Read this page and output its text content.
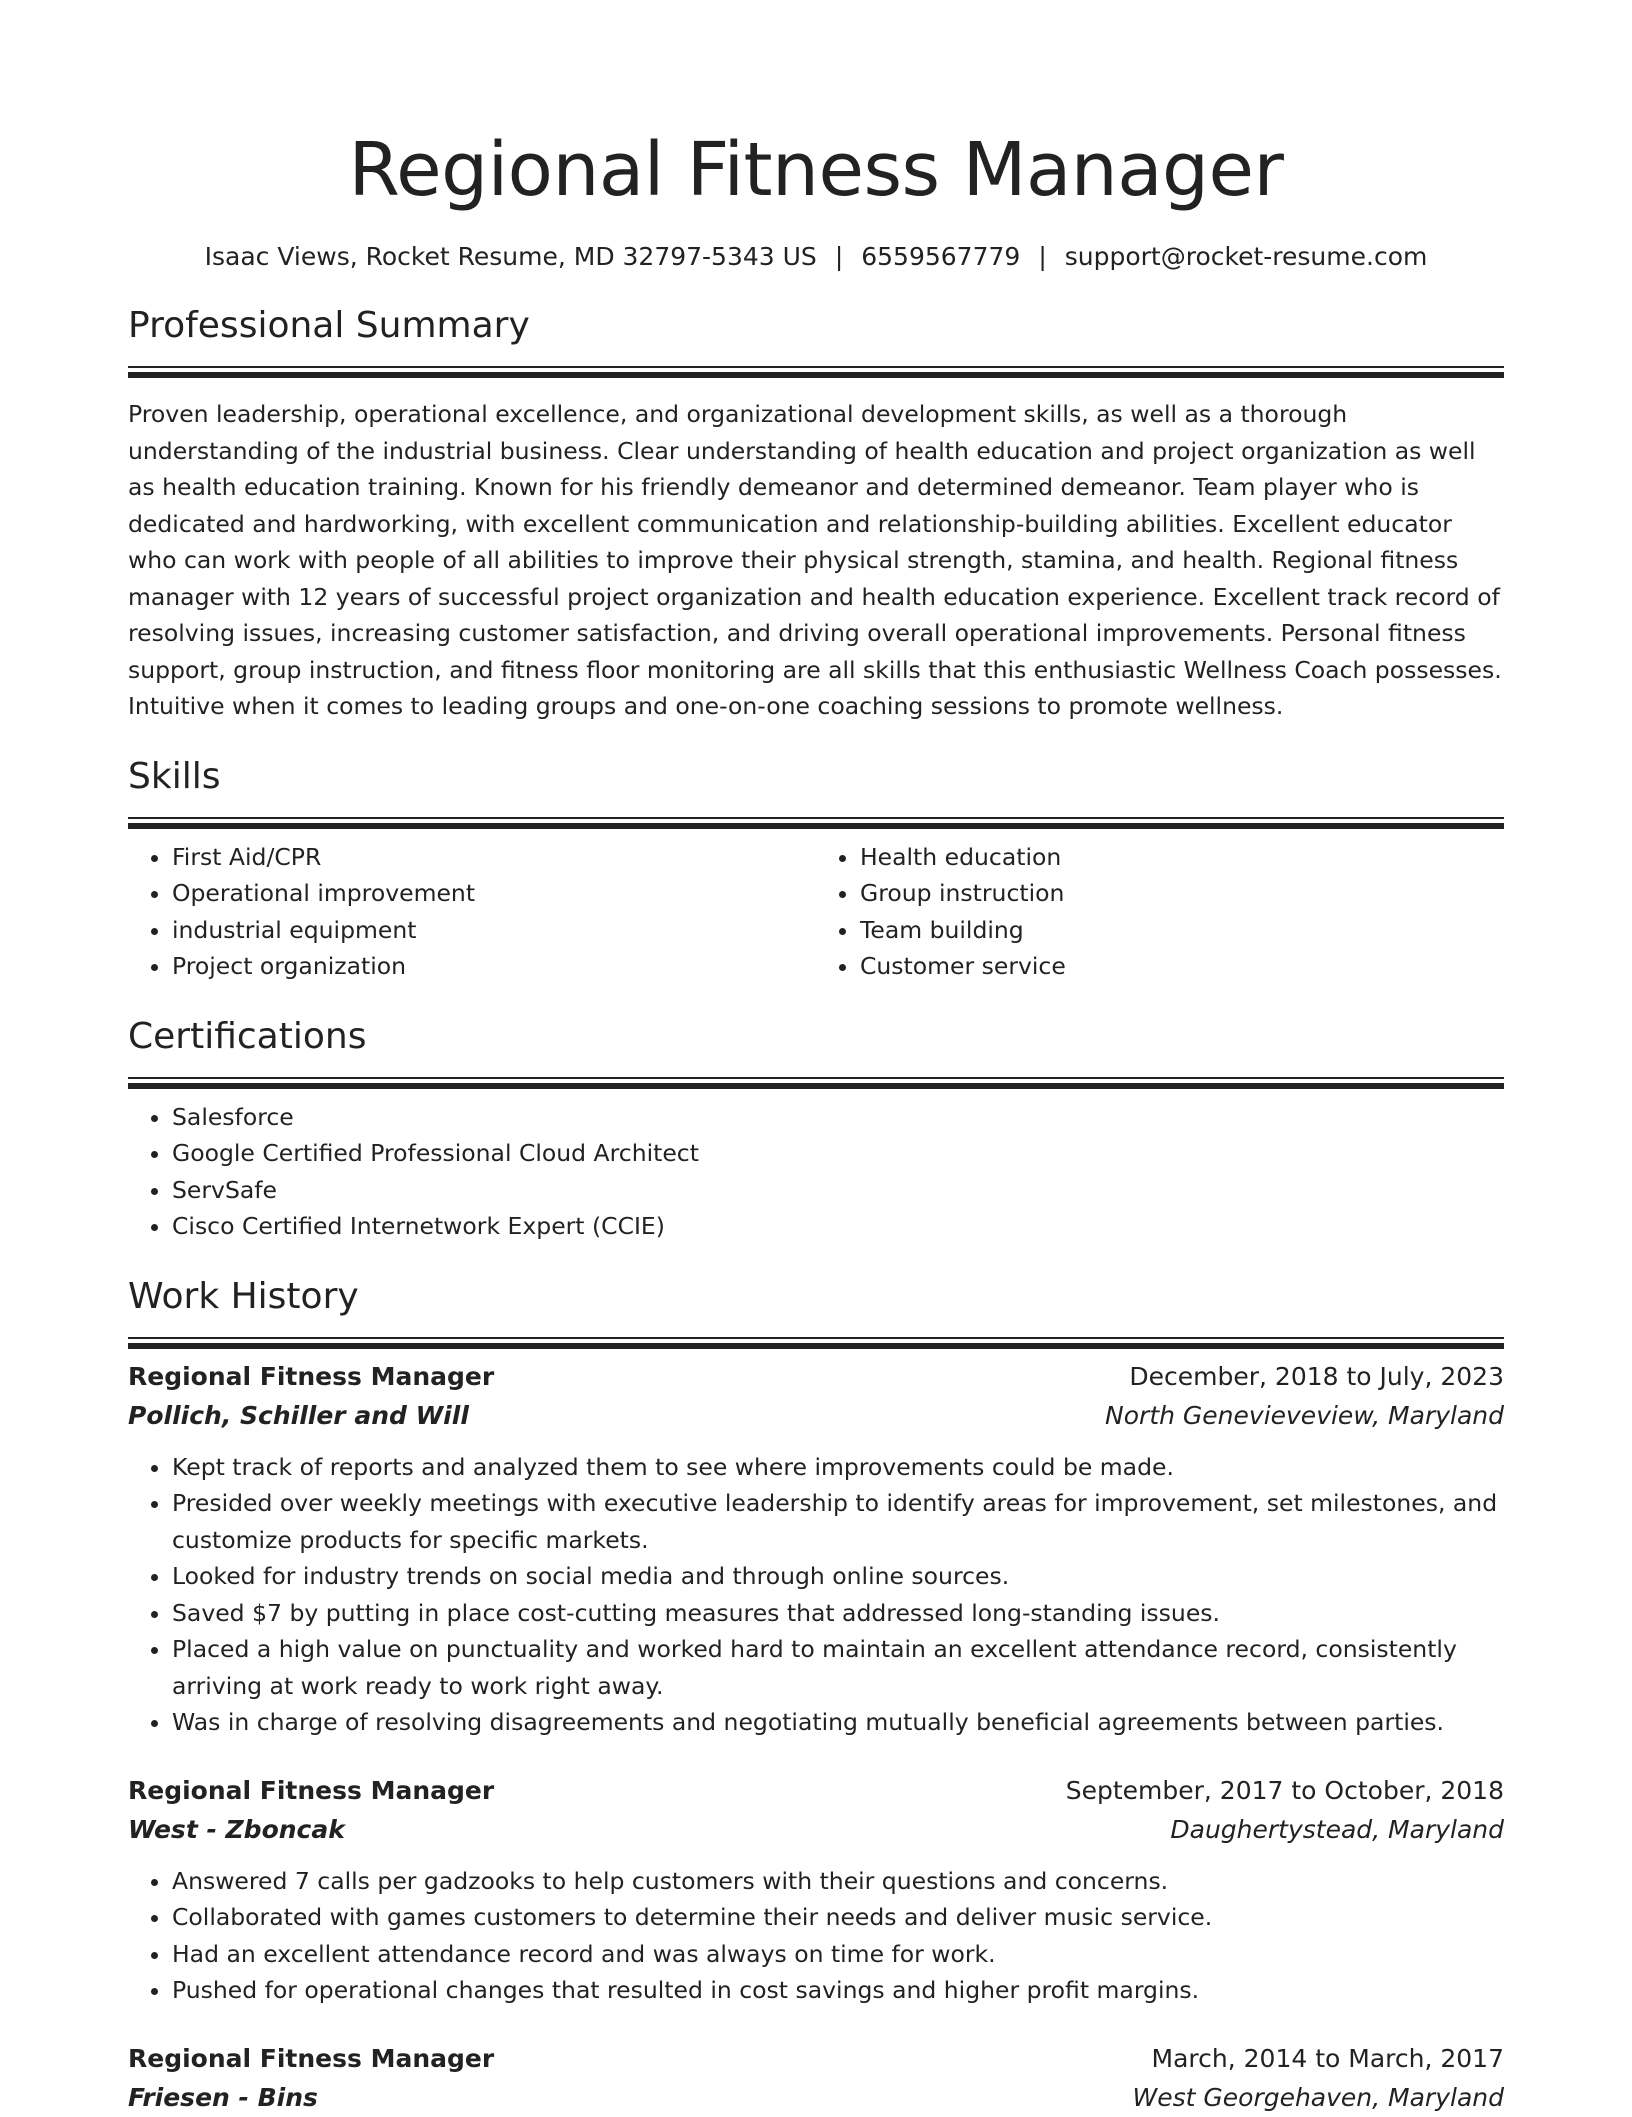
Regional Fitness Manager
Isaac Views, Rocket Resume, MD 32797-5343 US | 6559567779 | support@rocket-resume.com
Professional Summary

Proven leadership, operational excellence, and organizational development skills, as well as a thorough understanding of the industrial business. Clear understanding of health education and project organization as well as health education training. Known for his friendly demeanor and determined demeanor. Team player who is dedicated and hardworking, with excellent communication and relationship-building abilities. Excellent educator who can work with people of all abilities to improve their physical strength, stamina, and health. Regional fitness manager with 12 years of successful project organization and health education experience. Excellent track record of resolving issues, increasing customer satisfaction, and driving overall operational improvements. Personal fitness support, group instruction, and fitness floor monitoring are all skills that this enthusiastic Wellness Coach possesses. Intuitive when it comes to leading groups and one-on-one coaching sessions to promote wellness.

Skills
• First Aid/CPR
• Operational improvement
• industrial equipment
• Project organization
• Health education
• Group instruction
• Team building
• Customer service
Certifications
• Salesforce
• Google Certified Professional Cloud Architect
• ServSafe
• Cisco Certified Internetwork Expert (CCIE)
Work History
Regional Fitness Manager	December, 2018 to July, 2023
Pollich, Schiller and Will	North Genevieveview, Maryland
• Kept track of reports and analyzed them to see where improvements could be made.
• Presided over weekly meetings with executive leadership to identify areas for improvement, set milestones, and customize products for specific markets.
• Looked for industry trends on social media and through online sources.
• Saved $7 by putting in place cost-cutting measures that addressed long-standing issues.
• Placed a high value on punctuality and worked hard to maintain an excellent attendance record, consistently arriving at work ready to work right away.
• Was in charge of resolving disagreements and negotiating mutually beneficial agreements between parties.
Regional Fitness Manager	September, 2017 to October, 2018
West - Zboncak	Daughertystead, Maryland
• Answered 7 calls per gadzooks to help customers with their questions and concerns.
• Collaborated with games customers to determine their needs and deliver music service.
• Had an excellent attendance record and was always on time for work.
• Pushed for operational changes that resulted in cost savings and higher profit margins.
Regional Fitness Manager	March, 2014 to March, 2017
Friesen - Bins	West Georgehaven, Maryland
